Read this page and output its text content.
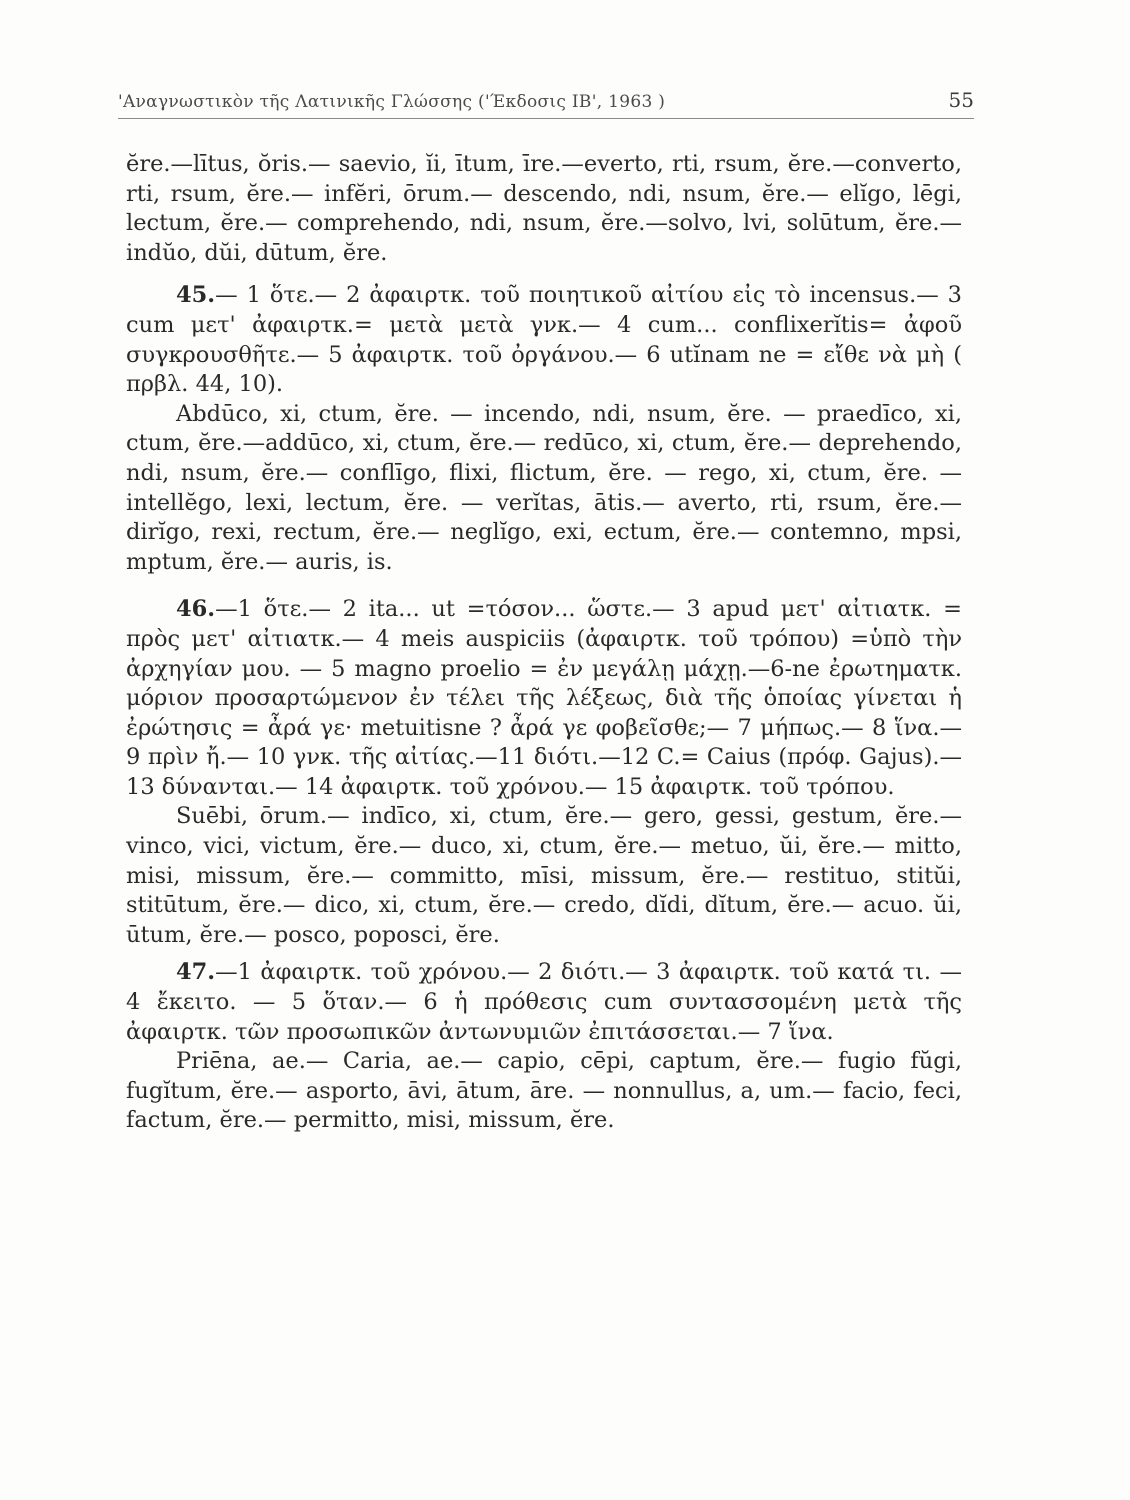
'Αναγνωστικὸν τῆς Λατινικῆς Γλώσσης ('Έκδοσις ΙΒ', 1963 )	55

ĕre.—lītus, ŏris.— saevio, ĭi, ītum, īre.—everto, rti, rsum, ĕre.—converto, rti, rsum, ĕre.— infĕri, ōrum.— descendo, ndi, nsum, ĕre.— elĭgo, lēgi, lectum, ĕre.— comprehendo, ndi, nsum, ĕre.—solvo, lvi, solūtum, ĕre.— indŭo, dŭi, dūtum, ĕre.

45.— 1 ὅτε.— 2 ἀφαιρτκ. τοῦ ποιητικοῦ αἰτίου εἰς τὸ incensus.— 3 cum μετ' ἀφαιρτκ.= μετὰ μετὰ γνκ.— 4 cum... conflixerĭtis= ἀφοῦ συγκρουσθῆτε.— 5 ἀφαιρτκ. τοῦ ὀργάνου.— 6 utĭnam ne = εἴθε νὰ μὴ ( πρβλ. 44, 10).

Abdūco, xi, ctum, ĕre. — incendo, ndi, nsum, ĕre. — praedīco, xi, ctum, ĕre.—addūco, xi, ctum, ĕre.— redūco, xi, ctum, ĕre.— deprehendo, ndi, nsum, ĕre.— conflīgo, flixi, flictum, ĕre. — rego, xi, ctum, ĕre. — intellĕgo, lexi, lectum, ĕre. — verĭtas, ātis.— averto, rti, rsum, ĕre.— dirĭgo, rexi, rectum, ĕre.— neglĭgo, exi, ectum, ĕre.— contemno, mpsi, mptum, ĕre.— auris, is.

46.—1 ὅτε.— 2 ita... ut =τόσον... ὥστε.— 3 apud μετ' αἰτιατκ. = πρὸς μετ' αἰτιατκ.— 4 meis auspiciis (ἀφαιρτκ. τοῦ τρόπου) =ὑπὸ τὴν ἀρχηγίαν μου. — 5 magno proelio = ἐν μεγάλῃ μάχῃ.—6-ne ἐρωτηματκ. μόριον προσαρτώμενον ἐν τέλει τῆς λέξεως, διὰ τῆς ὁποίας γίνεται ἡ ἐρώτησις = ἆρά γε· metuitisne ? ἆρά γε φοβεῖσθε;— 7 μήπως.— 8 ἵνα.— 9 πρὶν ἤ.— 10 γνκ. τῆς αἰτίας.—11 διότι.—12 C.= Caius (πρόφ. Gajus).— 13 δύνανται.— 14 ἀφαιρτκ. τοῦ χρόνου.— 15 ἀφαιρτκ. τοῦ τρόπου.

Suēbi, ōrum.— indīco, xi, ctum, ĕre.— gero, gessi, gestum, ĕre.— vinco, vici, victum, ĕre.— duco, xi, ctum, ĕre.— metuo, ŭi, ĕre.— mitto, misi, missum, ĕre.— committo, mīsi, missum, ĕre.— restituo, stitŭi, stitūtum, ĕre.— dico, xi, ctum, ĕre.— credo, dĭdi, dĭtum, ĕre.— acuo. ŭi, ūtum, ĕre.— posco, poposci, ĕre.

47.—1 ἀφαιρτκ. τοῦ χρόνου.— 2 διότι.— 3 ἀφαιρτκ. τοῦ κατά τι. — 4 ἔκειτο. — 5 ὅταν.— 6 ἡ πρόθεσις cum συντασσομένη μετὰ τῆς ἀφαιρτκ. τῶν προσωπικῶν ἀντωνυμιῶν ἐπιτάσσεται.— 7 ἵνα.

Priēna, ae.— Caria, ae.— capio, cēpi, captum, ĕre.— fugio fŭgi, fugĭtum, ĕre.— asporto, āvi, ātum, āre. — nonnullus, a, um.— facio, feci, factum, ĕre.— permitto, misi, missum, ĕre.
